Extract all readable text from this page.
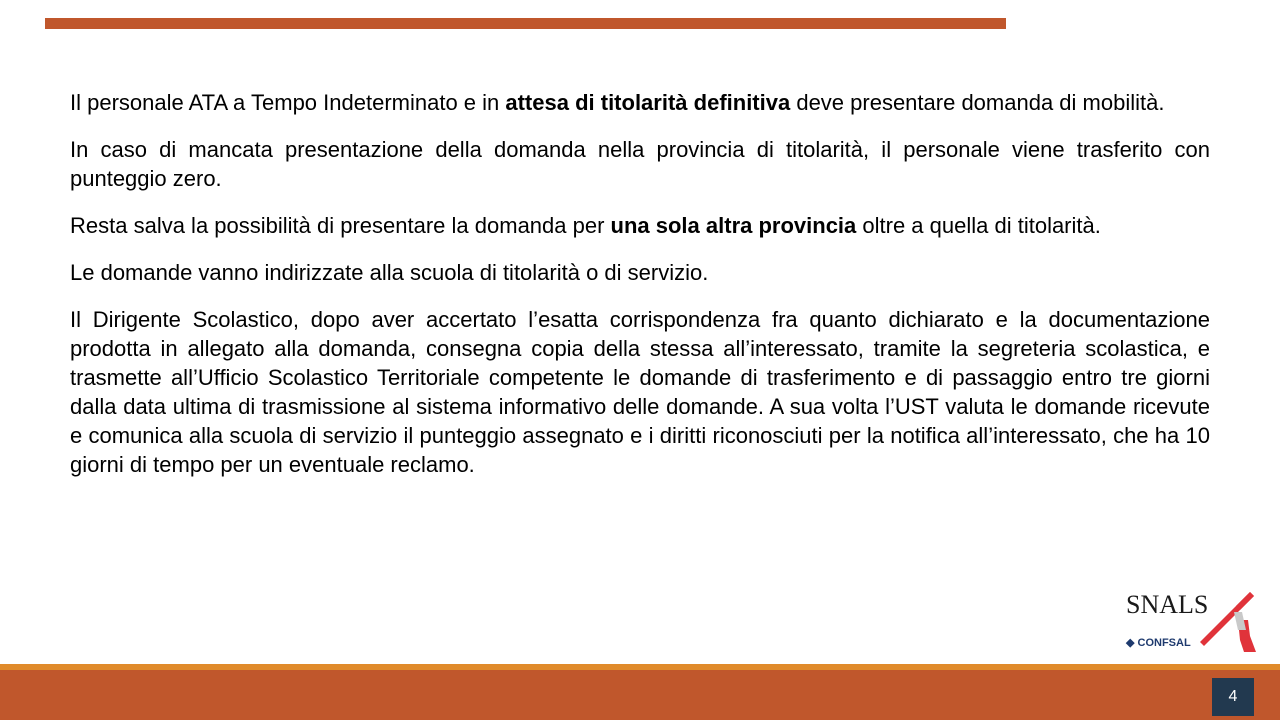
Il personale ATA a Tempo Indeterminato e in attesa di titolarità definitiva deve presentare domanda di mobilità.

In caso di mancata presentazione della domanda nella provincia di titolarità, il personale viene trasferito con punteggio zero.

Resta salva la possibilità di presentare la domanda per una sola altra provincia oltre a quella di titolarità.

Le domande vanno indirizzate alla scuola di titolarità o di servizio.

Il Dirigente Scolastico, dopo aver accertato l’esatta corrispondenza fra quanto dichiarato e la documentazione prodotta in allegato alla domanda, consegna copia della stessa all’interessato, tramite la segreteria scolastica, e trasmette all’Ufficio Scolastico Territoriale competente le domande di trasferimento e di passaggio entro tre giorni dalla data ultima di trasmissione al sistema informativo delle domande. A sua volta l’UST valuta le domande ricevute e comunica alla scuola di servizio il punteggio assegnato e i diritti riconosciuti per la notifica all’interessato, che ha 10 giorni di tempo per un eventuale reclamo.

SNALS
◆ CONFSAL
4
